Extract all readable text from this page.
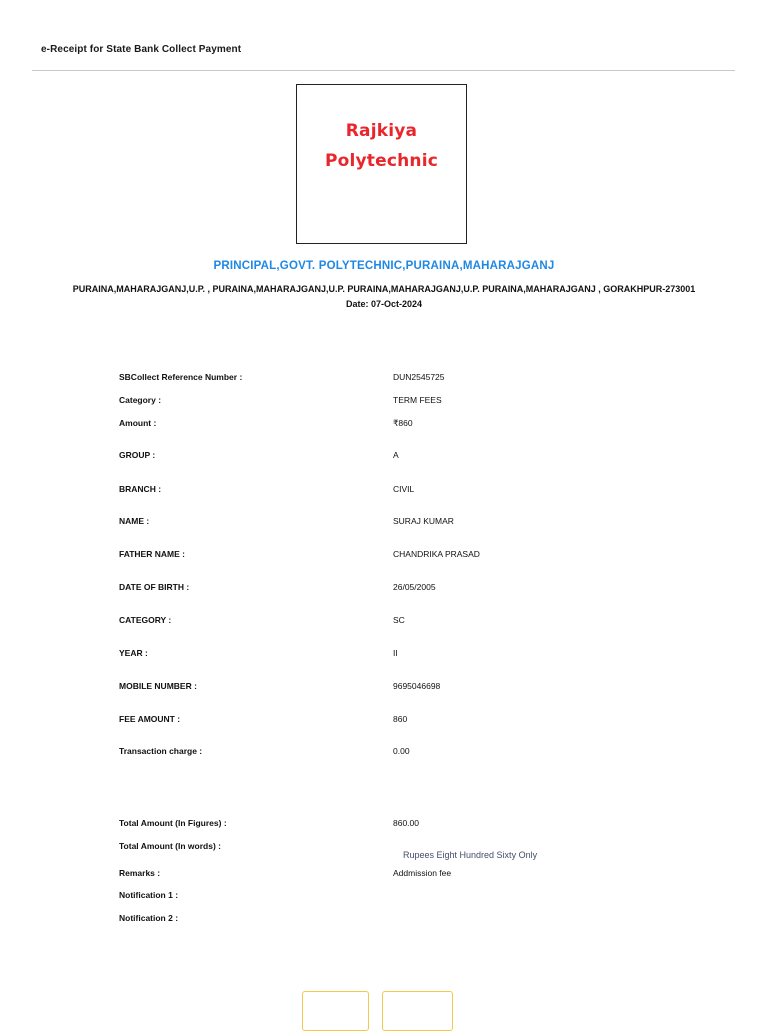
e-Receipt for State Bank Collect Payment
Rajkiya
Polytechnic
PRINCIPAL,GOVT. POLYTECHNIC,PURAINA,MAHARAJGANJ
PURAINA,MAHARAJGANJ,U.P. , PURAINA,MAHARAJGANJ,U.P. PURAINA,MAHARAJGANJ,U.P. PURAINA,MAHARAJGANJ , GORAKHPUR-273001
Date: 07-Oct-2024
SBCollect Reference Number :	DUN2545725
Category :	TERM FEES
Amount :	₹860
GROUP :	A
BRANCH :	CIVIL
NAME :	SURAJ KUMAR
FATHER NAME :	CHANDRIKA PRASAD
DATE OF BIRTH :	26/05/2005
CATEGORY :	SC
YEAR :	II
MOBILE NUMBER :	9695046698
FEE AMOUNT :	860
Transaction charge :	0.00
Total Amount (In Figures) :	860.00
Total Amount (In words) :
Rupees Eight Hundred Sixty Only
Remarks :	Addmission fee
Notification 1 :
Notification 2 :
